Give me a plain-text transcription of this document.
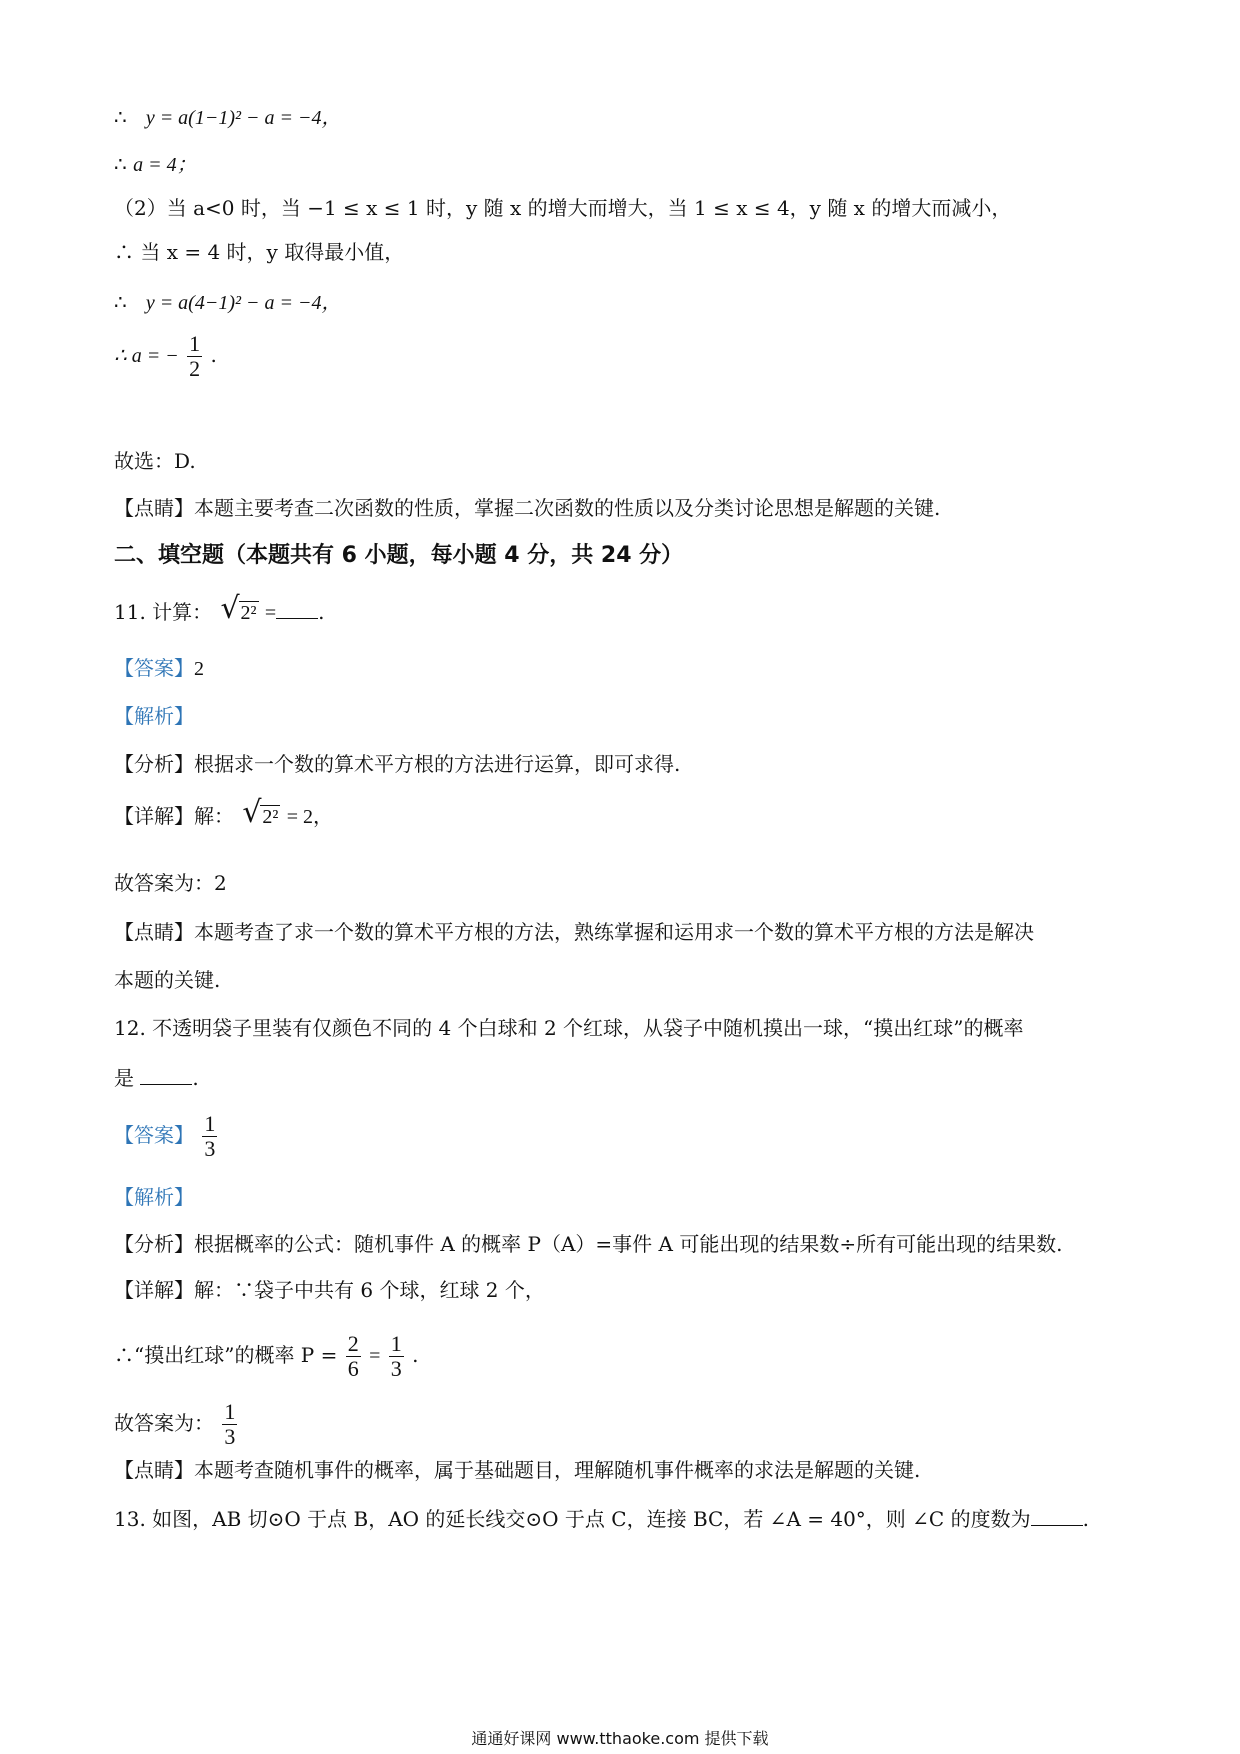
∴ y = a(1−1)² − a = −4，
∴ a = 4；
（2）当 a<0 时，当 −1 ≤ x ≤ 1 时，y 随 x 的增大而增大，当 1 ≤ x ≤ 4，y 随 x 的增大而减小，
∴ 当 x = 4 时，y 取得最小值，
∴ y = a(4−1)² − a = −4，
∴ a = − $\frac{1}{2}$ .
故选：D.
【点睛】本题主要考查二次函数的性质，掌握二次函数的性质以及分类讨论思想是解题的关键.
二、填空题（本题共有 6 小题，每小题 4 分，共 24 分）
11. 计算： √ 2² = .
【答案】2
【解析】
【分析】根据求一个数的算术平方根的方法进行运算，即可求得.
【详解】解： √ 2² = 2，
故答案为：2
【点睛】本题考查了求一个数的算术平方根的方法，熟练掌握和运用求一个数的算术平方根的方法是解决
本题的关键.
12. 不透明袋子里装有仅颜色不同的 4 个白球和 2 个红球，从袋子中随机摸出一球，“摸出红球”的概率
是	.
【答案】 $\frac{1}{3}$
【解析】
【分析】根据概率的公式：随机事件 A 的概率 P（A）=事件 A 可能出现的结果数÷所有可能出现的结果数.
【详解】解：∵袋子中共有 6 个球，红球 2 个，
∴“摸出红球”的概率 $P = \frac{2}{6} = \frac{1}{3}$ .
故答案为： $\frac{1}{3}$
【点睛】本题考查随机事件的概率，属于基础题目，理解随机事件概率的求法是解题的关键.
13. 如图，AB 切⊙O 于点 B，AO 的延长线交⊙O 于点 C，连接 BC，若 ∠A = 40°，则 ∠C 的度数为	.
通通好课网 www.tthaoke.com 提供下载
